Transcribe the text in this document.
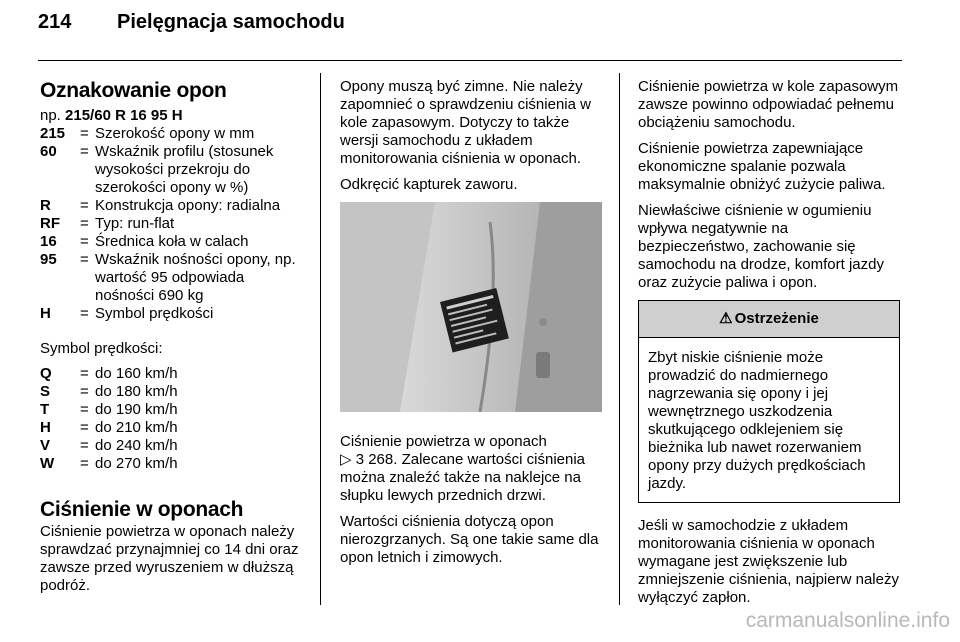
214 Pielęgnacja samochodu
Oznakowanie opon
np. 215/60 R 16 95 H
215 = Szerokość opony w mm
60	= Wskaźnik profilu (stosunek wysokości przekroju do szerokości opony w %)
R	= Konstrukcja opony: radialna
RF	= Typ: run-flat
16	= Średnica koła w calach
95	= Wskaźnik nośności opony, np. wartość 95 odpowiada nośności 690 kg
H	= Symbol prędkości
Symbol prędkości:
Q	= do 160 km/h
S	= do 180 km/h
T	= do 190 km/h
H	= do 210 km/h
V	= do 240 km/h
W	= do 270 km/h
Ciśnienie w oponach

Ciśnienie powietrza w oponach należy sprawdzać przynajmniej co 14 dni oraz zawsze przed wyruszeniem w dłuższą podróż.

Opony muszą być zimne. Nie należy zapomnieć o sprawdzeniu ciśnienia w kole zapasowym. Dotyczy to także wersji samochodu z układem monitorowania ciśnienia w oponach.

Odkręcić kapturek zaworu.

Ciśnienie powietrza w oponach
▷ 3 268. Zalecane wartości ciśnienia można znaleźć także na naklejce na słupku lewych przednich drzwi.

Wartości ciśnienia dotyczą opon nierozgrzanych. Są one takie same dla opon letnich i zimowych.

Ciśnienie powietrza w kole zapasowym zawsze powinno odpowiadać pełnemu obciążeniu samochodu.

Ciśnienie powietrza zapewniające ekonomiczne spalanie pozwala maksymalnie obniżyć zużycie paliwa.

Niewłaściwe ciśnienie w ogumieniu wpływa negatywnie na bezpieczeństwo, zachowanie się samochodu na drodze, komfort jazdy oraz zużycie paliwa i opon.

⚠ Ostrzeżenie
Zbyt niskie ciśnienie może prowadzić do nadmiernego nagrzewania się opony i jej wewnętrznego uszkodzenia skutkującego odklejeniem się bieżnika lub nawet rozerwaniem opony przy dużych prędkościach jazdy.

Jeśli w samochodzie z układem monitorowania ciśnienia w oponach wymagane jest zwiększenie lub zmniejszenie ciśnienia, najpierw należy wyłączyć zapłon.

carmanualsonline.info
